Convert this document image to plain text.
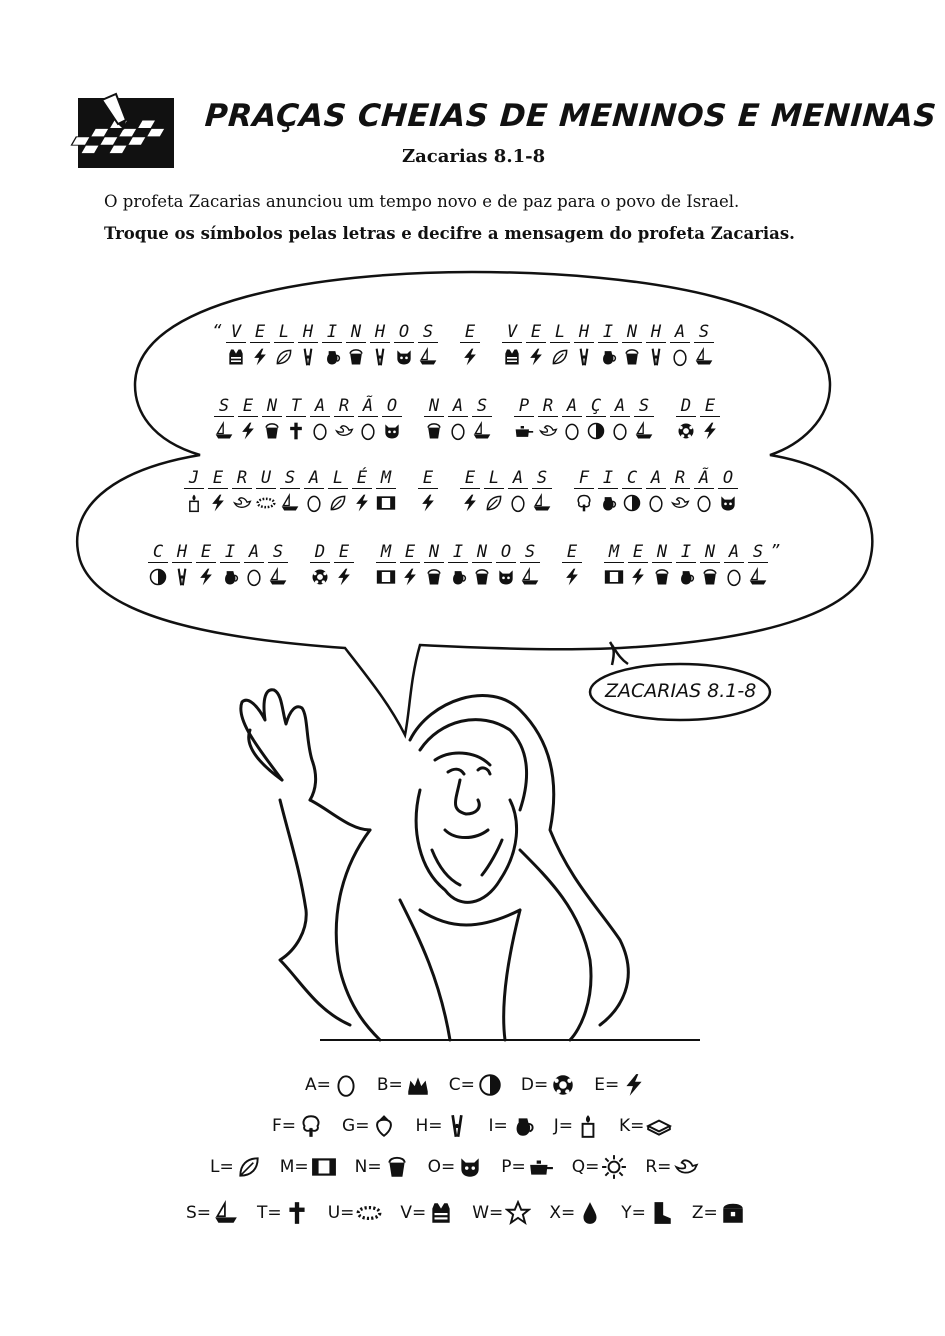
PRAÇAS CHEIAS DE MENINOS E MENINAS
Zacarias 8.1-8
O profeta Zacarias anunciou um tempo novo e de paz para o povo de Israel.
Troque os símbolos pelas letras e decifre a mensagem do profeta Zacarias.
ZACARIAS 8.1-8
“ V E L H I N H O S E V E L H I N H A S
S E N T A R Ã O N A S P R A Ç A S D E
J E R U S A L É M E E L A S F I C A R Ã O
C H E I A S D E M E N I N O S E M E N I N A S ”
A=	B=	C=	D=	E=
F=	G=	H=	I=	J=	K=
L=	M=	N=	O=	P=	Q=	R=
S=	T=	U=	V=	W=	X=	Y=	Z=
